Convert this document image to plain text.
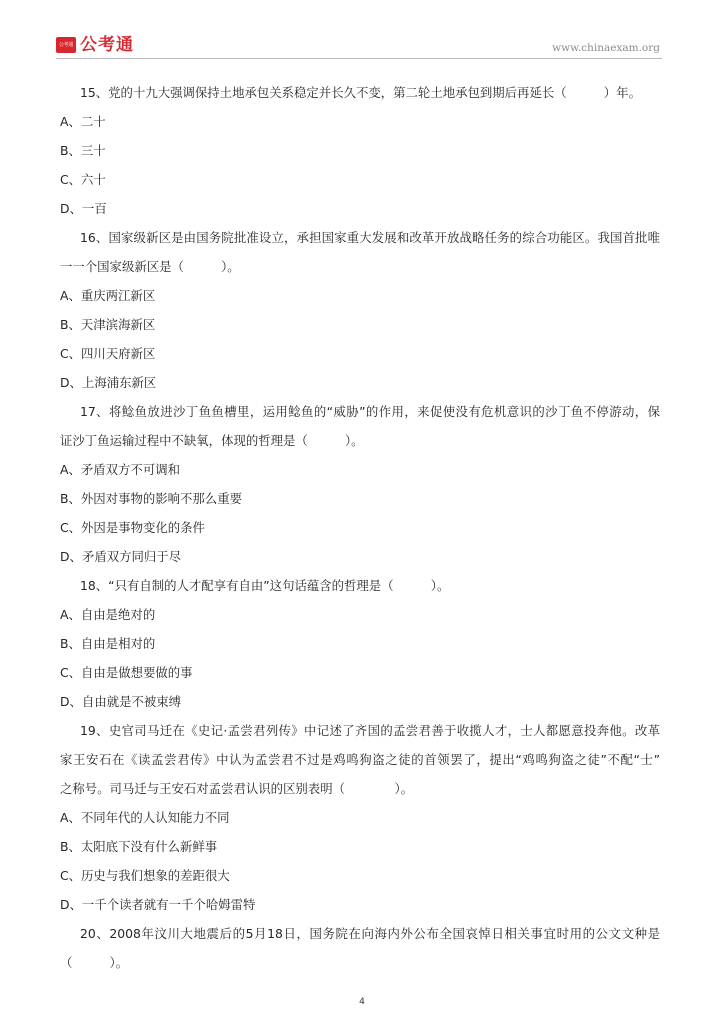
公考通 公考通	www.chinaexam.org
15、党的十九大强调保持土地承包关系稳定并长久不变，第二轮土地承包到期后再延长（　　　）年。
A、二十
B、三十
C、六十
D、一百
16、国家级新区是由国务院批准设立，承担国家重大发展和改革开放战略任务的综合功能区。我国首批唯
一一个国家级新区是（　　　）。
A、重庆两江新区
B、天津滨海新区
C、四川天府新区
D、上海浦东新区
17、将鲶鱼放进沙丁鱼鱼槽里，运用鲶鱼的“威胁”的作用，来促使没有危机意识的沙丁鱼不停游动，保
证沙丁鱼运输过程中不缺氧，体现的哲理是（　　　）。
A、矛盾双方不可调和
B、外因对事物的影响不那么重要
C、外因是事物变化的条件
D、矛盾双方同归于尽
18、“只有自制的人才配享有自由”这句话蕴含的哲理是（　　　）。
A、自由是绝对的
B、自由是相对的
C、自由是做想要做的事
D、自由就是不被束缚
19、史官司马迁在《史记·孟尝君列传》中记述了齐国的孟尝君善于收揽人才，士人都愿意投奔他。改革
家王安石在《读孟尝君传》中认为孟尝君不过是鸡鸣狗盗之徒的首领罢了，提出“鸡鸣狗盗之徒”不配“士”
之称号。司马迁与王安石对孟尝君认识的区别表明（　　　　）。
A、不同年代的人认知能力不同
B、太阳底下没有什么新鲜事
C、历史与我们想象的差距很大
D、一千个读者就有一千个哈姆雷特
20、2008年汶川大地震后的5月18日，国务院在向海内外公布全国哀悼日相关事宜时用的公文文种是
（　　　）。
4
